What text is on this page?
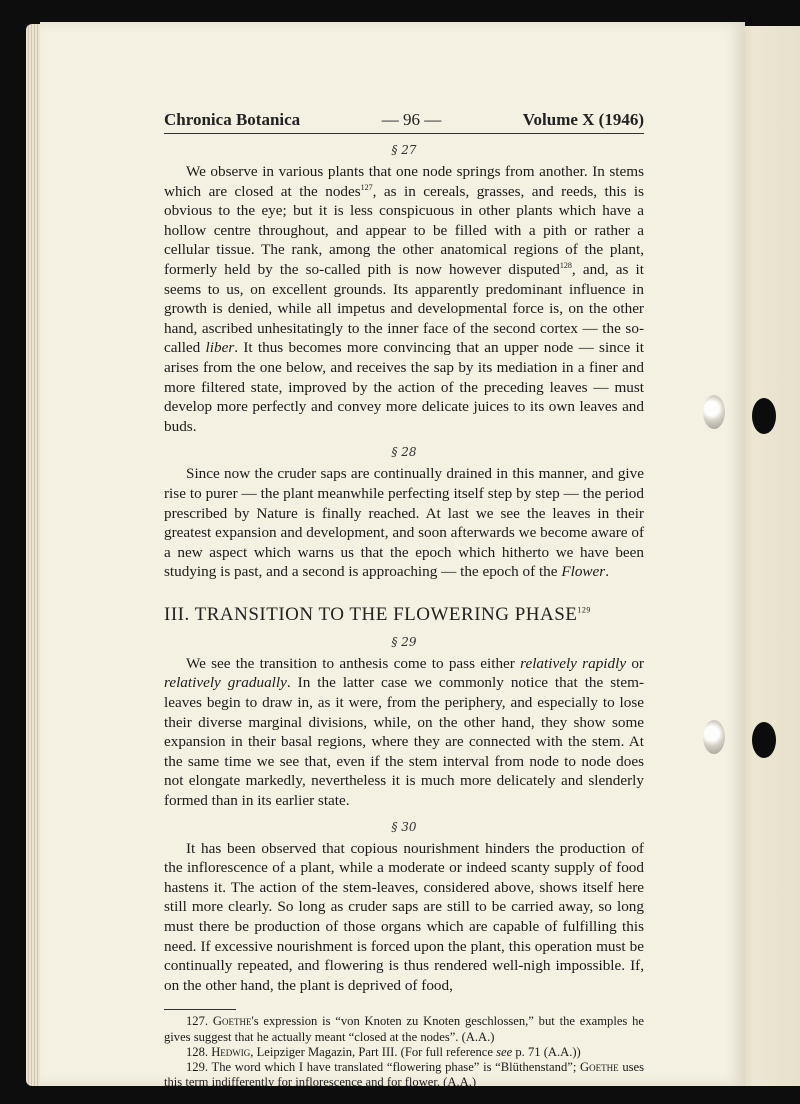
Chronica Botanica	— 96 —	Volume X (1946)
§ 27

We observe in various plants that one node springs from another. In stems which are closed at the nodes$^{127}$, as in cereals, grasses, and reeds, this is obvious to the eye; but it is less conspicuous in other plants which have a hollow centre throughout, and appear to be filled with a pith or rather a cellular tissue. The rank, among the other anatomical regions of the plant, formerly held by the so-called pith is now however disputed$^{128}$, and, as it seems to us, on excellent grounds. Its apparently predominant influence in growth is denied, while all impetus and developmental force is, on the other hand, ascribed unhesitatingly to the inner face of the second cortex — the so-called liber. It thus becomes more convincing that an upper node — since it arises from the one below, and receives the sap by its mediation in a finer and more filtered state, improved by the action of the preceding leaves — must develop more perfectly and convey more delicate juices to its own leaves and buds.

§ 28

Since now the cruder saps are continually drained in this manner, and give rise to purer — the plant meanwhile perfecting itself step by step — the period prescribed by Nature is finally reached. At last we see the leaves in their greatest expansion and development, and soon afterwards we become aware of a new aspect which warns us that the epoch which hitherto we have been studying is past, and a second is approaching — the epoch of the Flower.

III. TRANSITION TO THE FLOWERING PHASE$^{129}$
§ 29

We see the transition to anthesis come to pass either relatively rapidly or relatively gradually. In the latter case we commonly notice that the stem-leaves begin to draw in, as it were, from the periphery, and especially to lose their diverse marginal divisions, while, on the other hand, they show some expansion in their basal regions, where they are connected with the stem. At the same time we see that, even if the stem interval from node to node does not elongate markedly, nevertheless it is much more delicately and slenderly formed than in its earlier state.

§ 30

It has been observed that copious nourishment hinders the production of the inflorescence of a plant, while a moderate or indeed scanty supply of food hastens it. The action of the stem-leaves, considered above, shows itself here still more clearly. So long as cruder saps are still to be carried away, so long must there be production of those organs which are capable of fulfilling this need. If excessive nourishment is forced upon the plant, this operation must be continually repeated, and flowering is thus rendered well-nigh impossible. If, on the other hand, the plant is deprived of food,

127. Goethe's expression is “von Knoten zu Knoten geschlossen,” but the examples he gives suggest that he actually meant “closed at the nodes”. (A.A.)

128. Hedwig, Leipziger Magazin, Part III. (For full reference see p. 71 (A.A.))

129. The word which I have translated “flowering phase” is “Blüthenstand”; Goethe uses this term indifferently for inflorescence and for flower. (A.A.)
